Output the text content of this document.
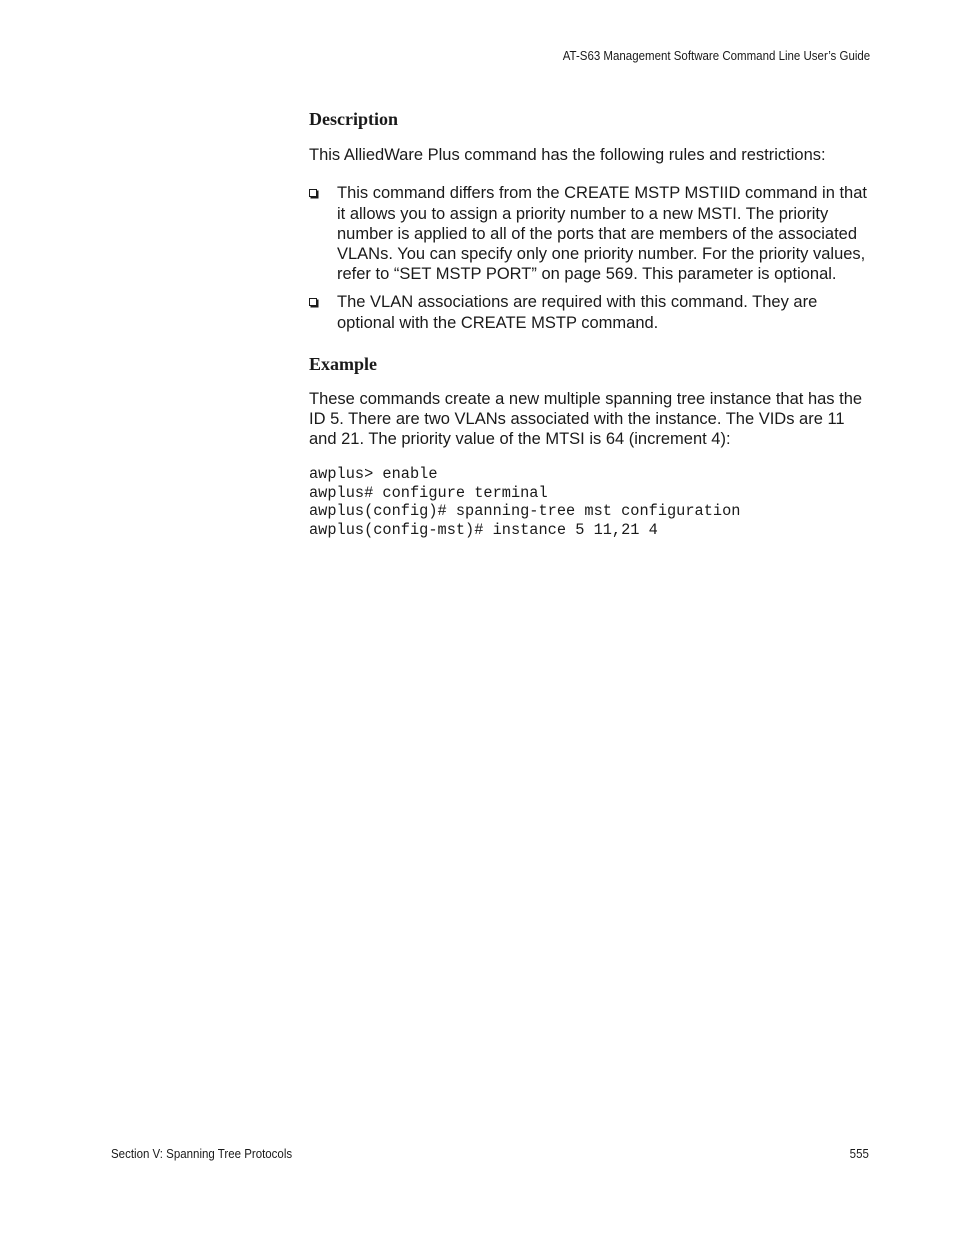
AT-S63 Management Software Command Line User’s Guide
Description

This AlliedWare Plus command has the following rules and restrictions:

This command differs from the CREATE MSTP MSTIID command in that it allows you to assign a priority number to a new MSTI. The priority number is applied to all of the ports that are members of the associated VLANs. You can specify only one priority number. For the priority values, refer to “SET MSTP PORT” on page 569. This parameter is optional.
The VLAN associations are required with this command. They are optional with the CREATE MSTP command.
Example

These commands create a new multiple spanning tree instance that has the ID 5. There are two VLANs associated with the instance. The VIDs are 11 and 21. The priority value of the MTSI is 64 (increment 4):

awplus> enable
awplus# configure terminal
awplus(config)# spanning-tree mst configuration
awplus(config-mst)# instance 5 11,21 4
Section V: Spanning Tree Protocols	555
